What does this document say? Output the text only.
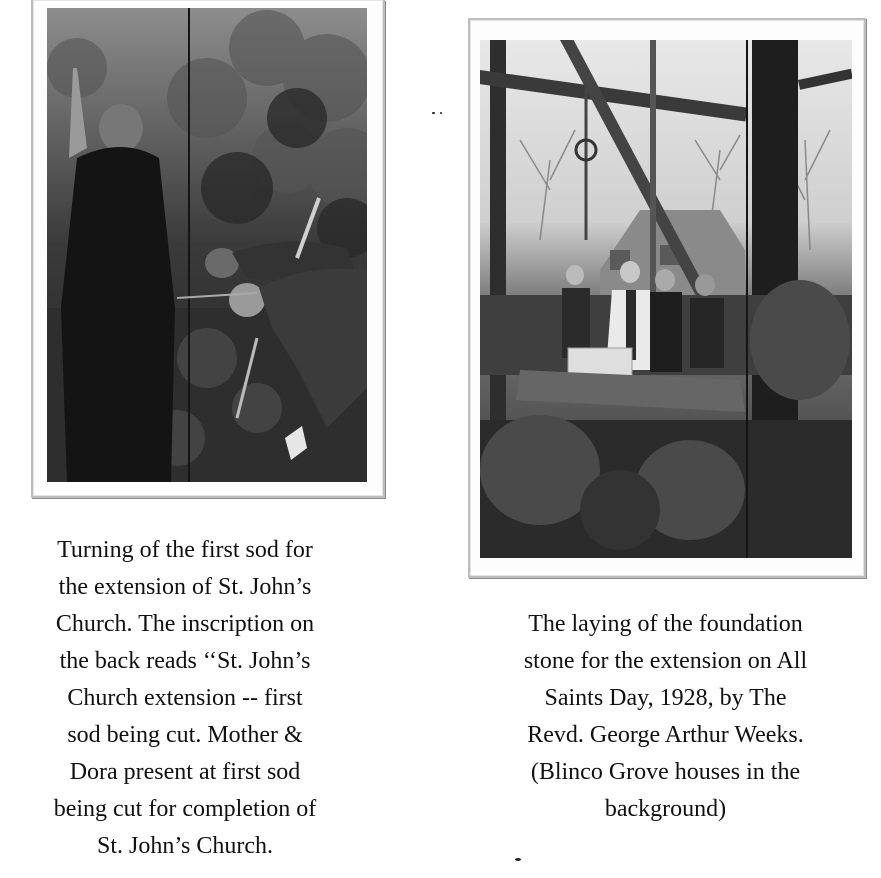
Turning of the first sod for
the extension of St. John’s
Church. The inscription on
the back reads ‘‘St. John’s
Church extension -- first
sod being cut. Mother &
Dora present at first sod
being cut for completion of
St. John’s Church.
The laying of the foundation
stone for the extension on All
Saints Day, 1928, by The
Revd. George Arthur Weeks.
(Blinco Grove houses in the
background)
